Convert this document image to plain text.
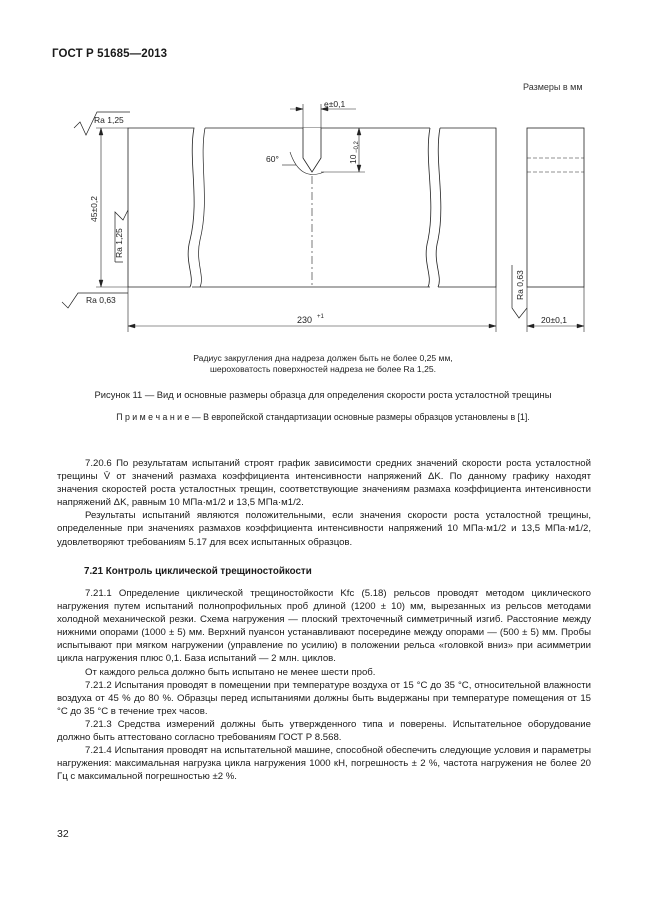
ГОСТ Р 51685—2013
Размеры в мм
Ra 1,25
Ra 1,25
Ra 0,63	Ra 0,63
e±0,1
10
−0,2
60°
45±0,2
230 +1	20±0,1
Радиус закругления дна надреза должен быть не более 0,25 мм,
шероховатость поверхностей надреза не более Ra 1,25.
Рисунок 11 — Вид и основные размеры образца для определения скорости роста усталостной трещины
П р и м е ч а н и е — В европейской стандартизации основные размеры образцов установлены в [1].

7.20.6 По результатам испытаний строят график зависимости средних значений скорости роста усталостной трещины V̄ от значений размаха коэффициента интенсивности напряжений ΔK. По данному графику находят значения скоростей роста усталостных трещин, соответствующие значениям размаха коэффициента интенсивности напряжений ΔK, равным 10 МПа·м1/2 и 13,5 МПа·м1/2.

Результаты испытаний являются положительными, если значения скорости роста усталостной трещины, определенные при значениях размахов коэффициента интенсивности напряжений 10 МПа·м1/2 и 13,5 МПа·м1/2, удовлетворяют требованиям 5.17 для всех испытанных образцов.

7.21 Контроль циклической трещиностойкости

7.21.1 Определение циклической трещиностойкости Kfc (5.18) рельсов проводят методом циклического нагружения путем испытаний полнопрофильных проб длиной (1200 ± 10) мм, вырезанных из рельсов методами холодной механической резки. Схема нагружения — плоский трехточечный симметричный изгиб. Расстояние между нижними опорами (1000 ± 5) мм. Верхний пуансон устанавливают посередине между опорами — (500 ± 5) мм. Пробы испытывают при мягком нагружении (управление по усилию) в положении рельса «головкой вниз» при асимметрии цикла нагружения плюс 0,1. База испытаний — 2 млн. циклов.

От каждого рельса должно быть испытано не менее шести проб.

7.21.2 Испытания проводят в помещении при температуре воздуха от 15 °С до 35 °С, относительной влажности воздуха от 45 % до 80 %. Образцы перед испытаниями должны быть выдержаны при температуре помещения от 15 °С до 35 °С в течение трех часов.

7.21.3 Средства измерений должны быть утвержденного типа и поверены. Испытательное оборудование должно быть аттестовано согласно требованиям ГОСТ Р 8.568.

7.21.4 Испытания проводят на испытательной машине, способной обеспечить следующие условия и параметры нагружения: максимальная нагрузка цикла нагружения 1000 кН, погрешность ± 2 %, частота нагружения не более 20 Гц с максимальной погрешностью ±2 %.

32
